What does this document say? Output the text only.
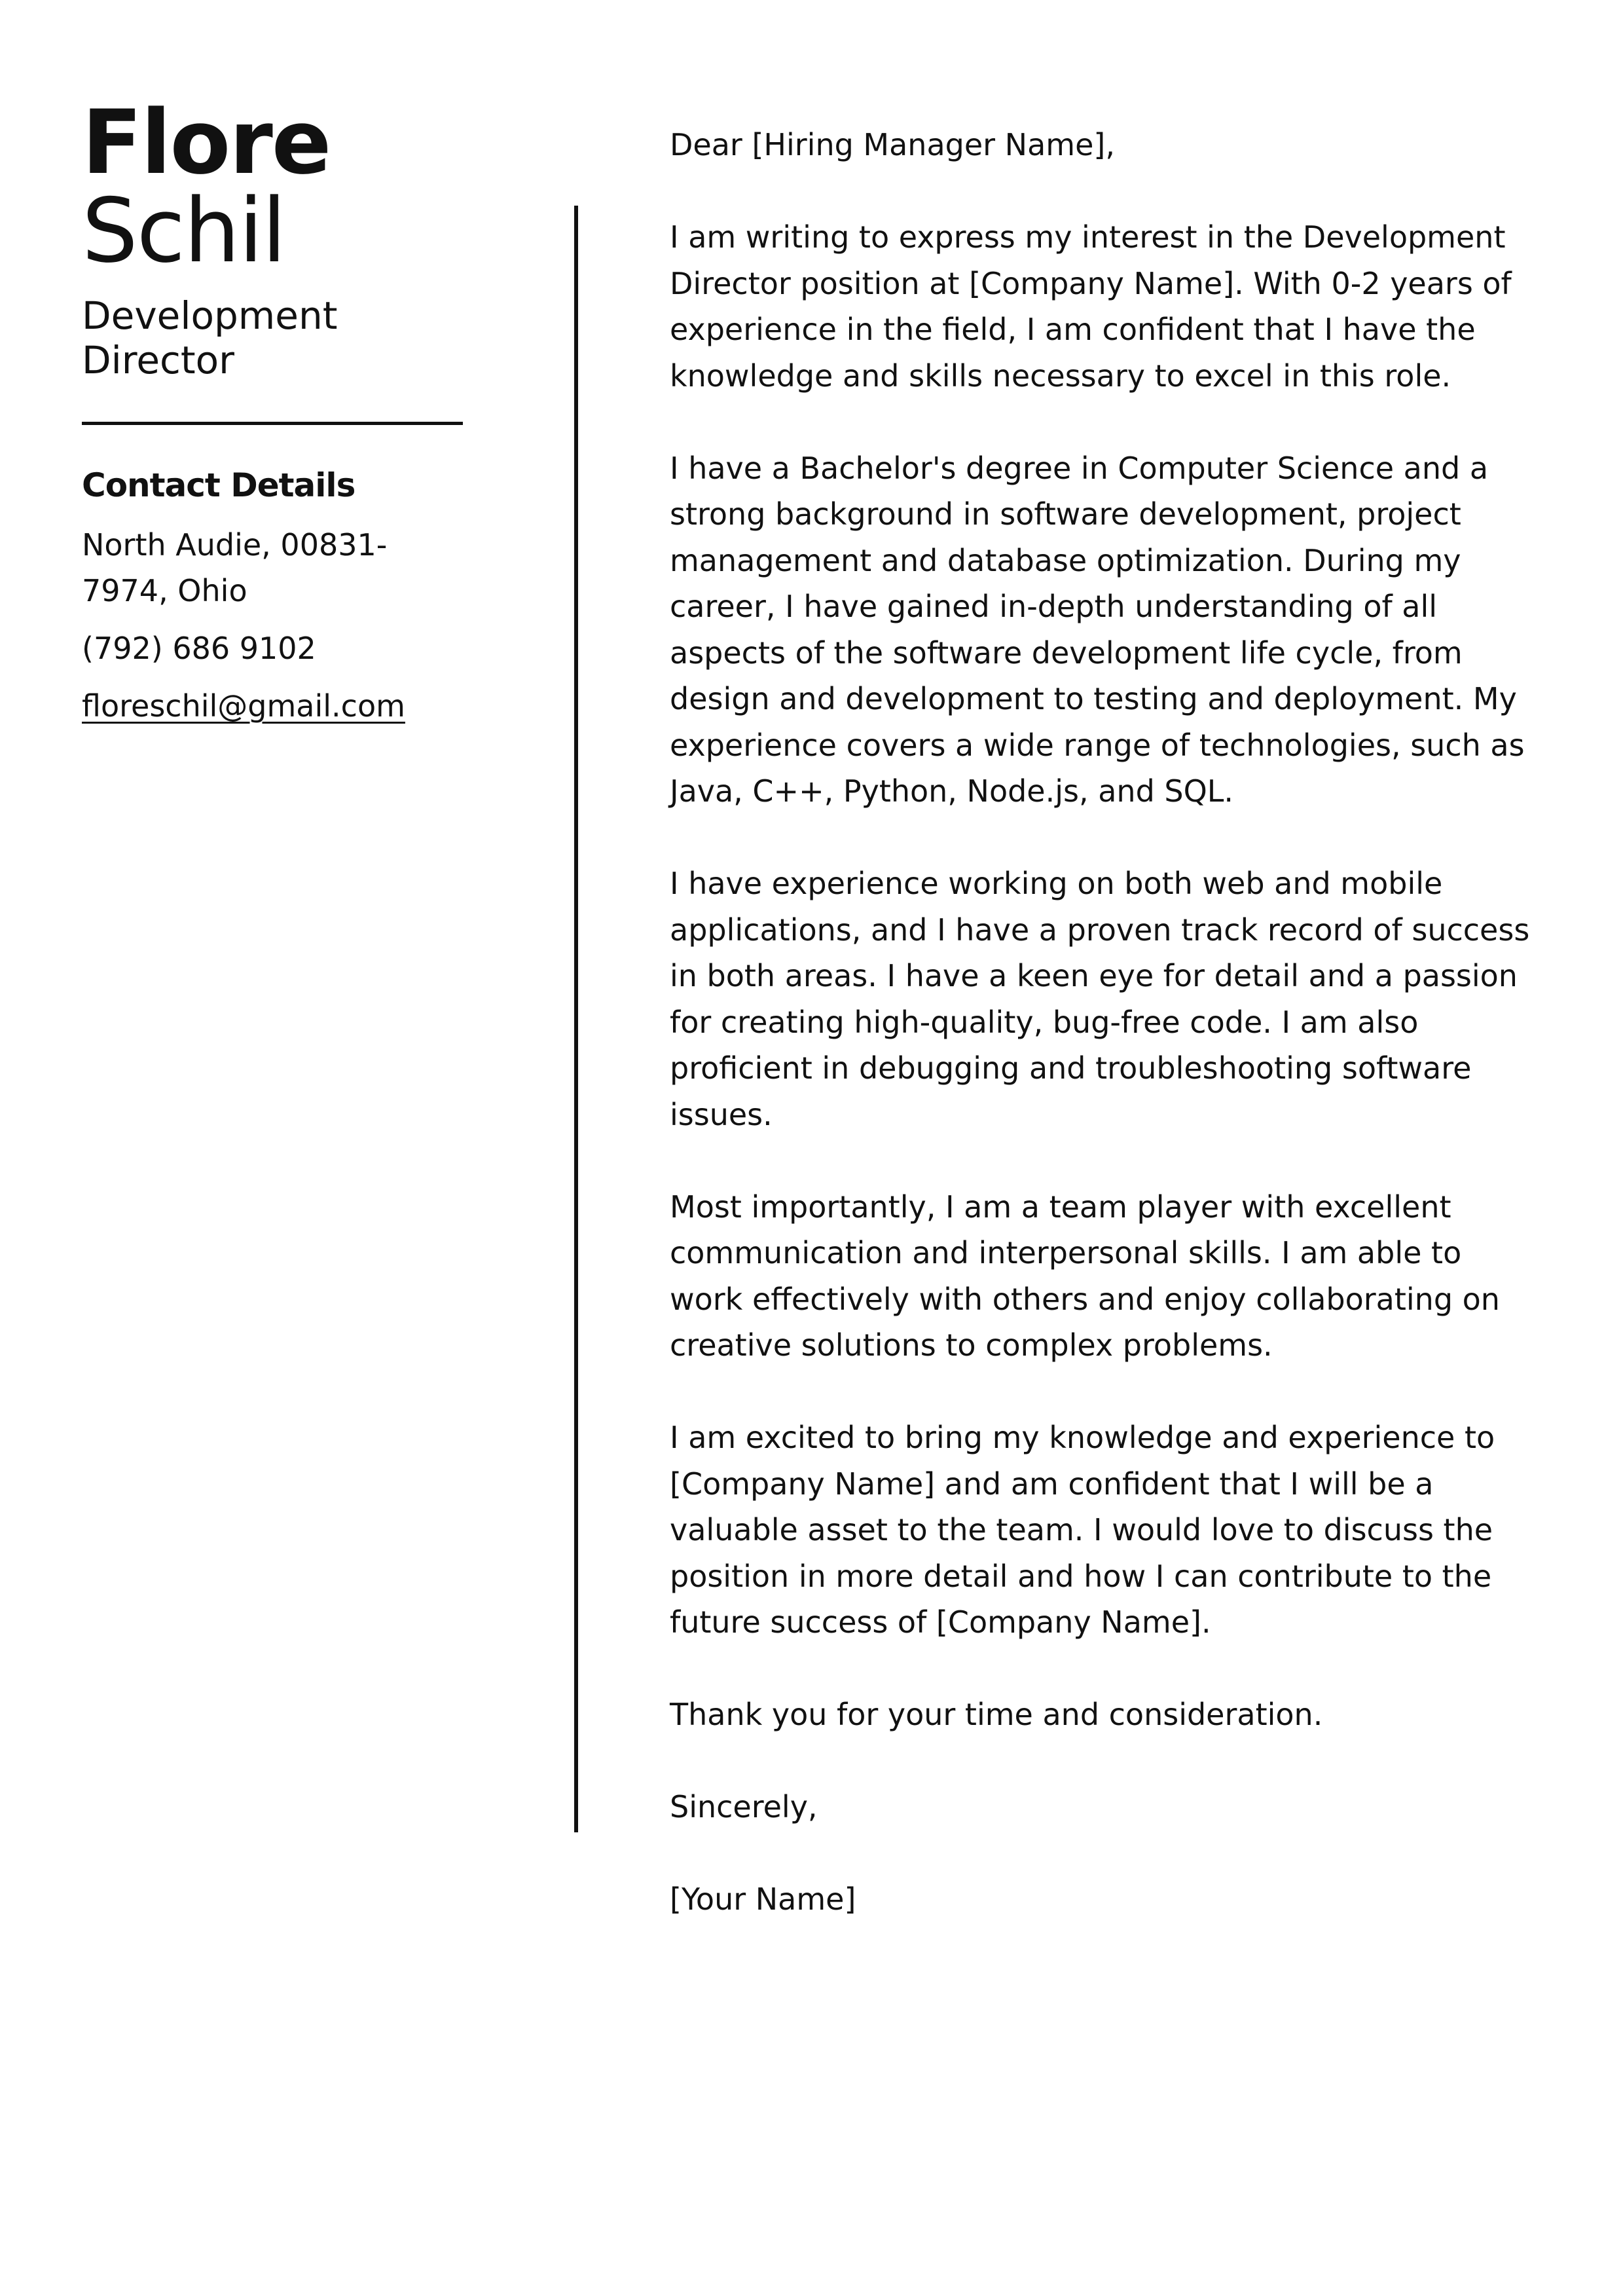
Flore
Schil
Development Director
Contact Details
North Audie, 00831-7974, Ohio
(792) 686 9102
floreschil@gmail.com

Dear [Hiring Manager Name],

I am writing to express my interest in the Development Director position at [Company Name]. With 0-2 years of experience in the field, I am confident that I have the knowledge and skills necessary to excel in this role.

I have a Bachelor's degree in Computer Science and a strong background in software development, project management and database optimization. During my career, I have gained in-depth understanding of all aspects of the software development life cycle, from design and development to testing and deployment. My experience covers a wide range of technologies, such as Java, C++, Python, Node.js, and SQL.

I have experience working on both web and mobile applications, and I have a proven track record of success in both areas. I have a keen eye for detail and a passion for creating high-quality, bug-free code. I am also proficient in debugging and troubleshooting software issues.

Most importantly, I am a team player with excellent communication and interpersonal skills. I am able to work effectively with others and enjoy collaborating on creative solutions to complex problems.

I am excited to bring my knowledge and experience to [Company Name] and am confident that I will be a valuable asset to the team. I would love to discuss the position in more detail and how I can contribute to the future success of [Company Name].

Thank you for your time and consideration.

Sincerely,

[Your Name]
